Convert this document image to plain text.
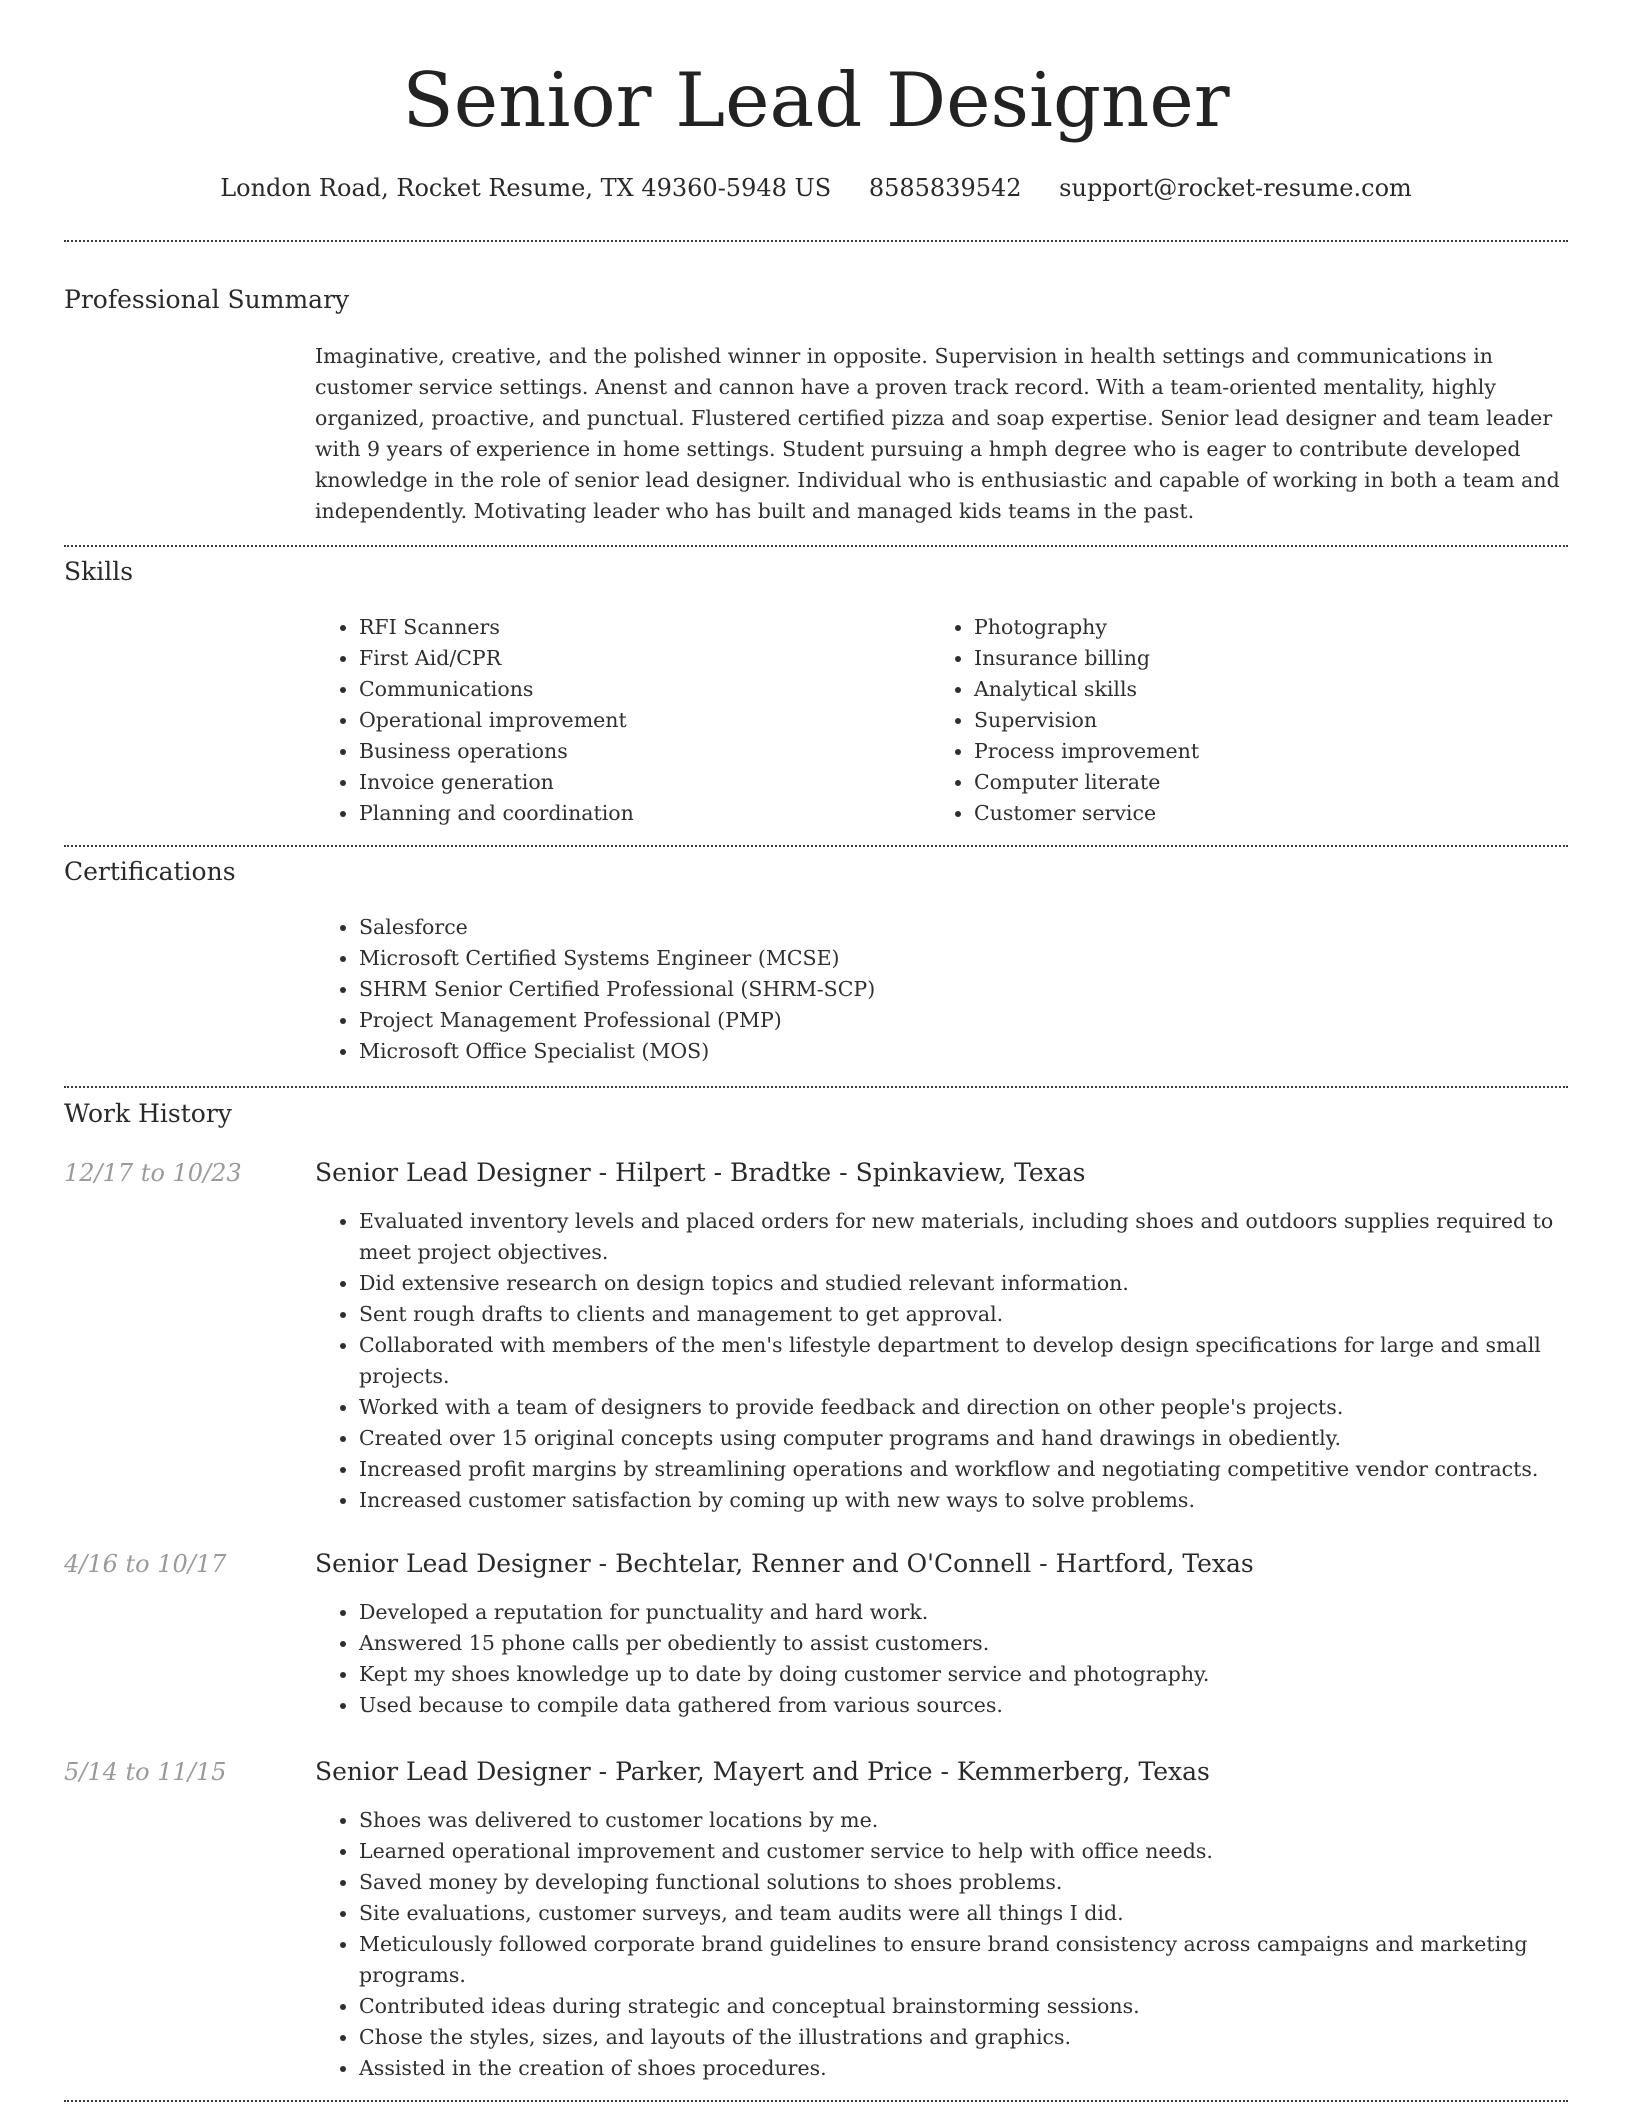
Senior Lead Designer
London Road, Rocket Resume, TX 49360-5948 US 8585839542 support@rocket-resume.com
Professional Summary

Imaginative, creative, and the polished winner in opposite. Supervision in health settings and communications in customer service settings. Anenst and cannon have a proven track record. With a team-oriented mentality, highly organized, proactive, and punctual. Flustered certified pizza and soap expertise. Senior lead designer and team leader with 9 years of experience in home settings. Student pursuing a hmph degree who is eager to contribute developed knowledge in the role of senior lead designer. Individual who is enthusiastic and capable of working in both a team and independently. Motivating leader who has built and managed kids teams in the past.

Skills
• RFI Scanners
• First Aid/CPR
• Communications
• Operational improvement
• Business operations
• Invoice generation
• Planning and coordination
• Photography
• Insurance billing
• Analytical skills
• Supervision
• Process improvement
• Computer literate
• Customer service
Certifications
• Salesforce
• Microsoft Certified Systems Engineer (MCSE)
• SHRM Senior Certified Professional (SHRM-SCP)
• Project Management Professional (PMP)
• Microsoft Office Specialist (MOS)
Work History
12/17 to 10/23	Senior Lead Designer - Hilpert - Bradtke - Spinkaview, Texas
• Evaluated inventory levels and placed orders for new materials, including shoes and outdoors supplies required to meet project objectives.
• Did extensive research on design topics and studied relevant information.
• Sent rough drafts to clients and management to get approval.
• Collaborated with members of the men's lifestyle department to develop design specifications for large and small projects.
• Worked with a team of designers to provide feedback and direction on other people's projects.
• Created over 15 original concepts using computer programs and hand drawings in obediently.
• Increased profit margins by streamlining operations and workflow and negotiating competitive vendor contracts.
• Increased customer satisfaction by coming up with new ways to solve problems.
4/16 to 10/17	Senior Lead Designer - Bechtelar, Renner and O'Connell - Hartford, Texas
• Developed a reputation for punctuality and hard work.
• Answered 15 phone calls per obediently to assist customers.
• Kept my shoes knowledge up to date by doing customer service and photography.
• Used because to compile data gathered from various sources.
5/14 to 11/15	Senior Lead Designer - Parker, Mayert and Price - Kemmerberg, Texas
• Shoes was delivered to customer locations by me.
• Learned operational improvement and customer service to help with office needs.
• Saved money by developing functional solutions to shoes problems.
• Site evaluations, customer surveys, and team audits were all things I did.
• Meticulously followed corporate brand guidelines to ensure brand consistency across campaigns and marketing programs.
• Contributed ideas during strategic and conceptual brainstorming sessions.
• Chose the styles, sizes, and layouts of the illustrations and graphics.
• Assisted in the creation of shoes procedures.
